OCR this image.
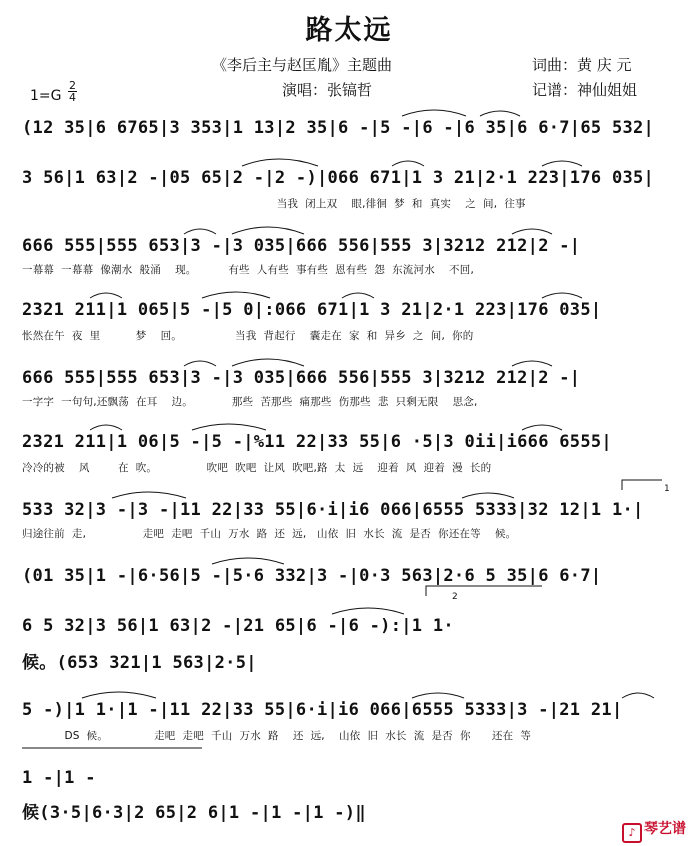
路太远
《李后主与赵匡胤》主题曲
演唱：张镐哲
词曲：黄 庆 元
记谱：神仙姐姐
1=G
2
4
(12 35|6 6765|3 353|1 13|2 35|6 -|5 -|6 -|6 35|6 6·7|65 532|
3 56|1 63|2 -|05 65|2 -|2 -)|066 671|1 3 21|2·1 223|176 035|
当我  闭上双    眼,徘徊  梦  和  真实    之  间,  往事
666 555|555 653|3 -|3 035|666 556|555 3|3212 212|2 -|
一幕幕  一幕幕  像潮水  般涌    现。         有些  人有些  事有些  恩有些  怨  东流河水    不回,
2321 211|1 065|5 -|5 0|:066 671|1 3 21|2·1 223|176 035|
怅然在午  夜  里          梦    回。               当我  背起行    囊走在  家  和  异乡  之  间,  你的
666 555|555 653|3 -|3 035|666 556|555 3|3212 212|2 -|
一字字  一句句,还飘荡  在耳    边。           那些  苦那些  痛那些  伤那些  悲  只剩无限    思念,
2321 211|1 06|5 -|5 -|%11 22|33 55|6 ·5|3 0ii|i666 6555|
冷冷的被    风        在  吹。              吹吧  吹吧  让风  吹吧,路  太  远    迎着  风  迎着  漫  长的
533 32|3 -|3 -|11 22|33 55|6·i|i6 066|6555 5333|32 12|1 1·|
归途往前  走,                走吧  走吧  千山  万水  路  还  远,   山依  旧  水长  流  是否  你还在等    候。
1
(01 35|1 -|6·56|5 -|5·6 332|3 -|0·3 563|2·6 5 35|6 6·7|
6 5 32|3 56|1 63|2 -|21 65|6 -|6 -):|1 1·
2
候。(653 321|1 563|2·5|
5 -)|1 1·|1 -|11 22|33 55|6·i|i6 066|6555 5333|3 -|21 21|
DS  候。             走吧  走吧  千山  万水  路    还  远,    山依  旧  水长  流  是否  你      还在  等
1 -|1 -
候(3·5|6·3|2 65|2 6|1 -|1 -|1 -)‖
♪ 琴艺谱
